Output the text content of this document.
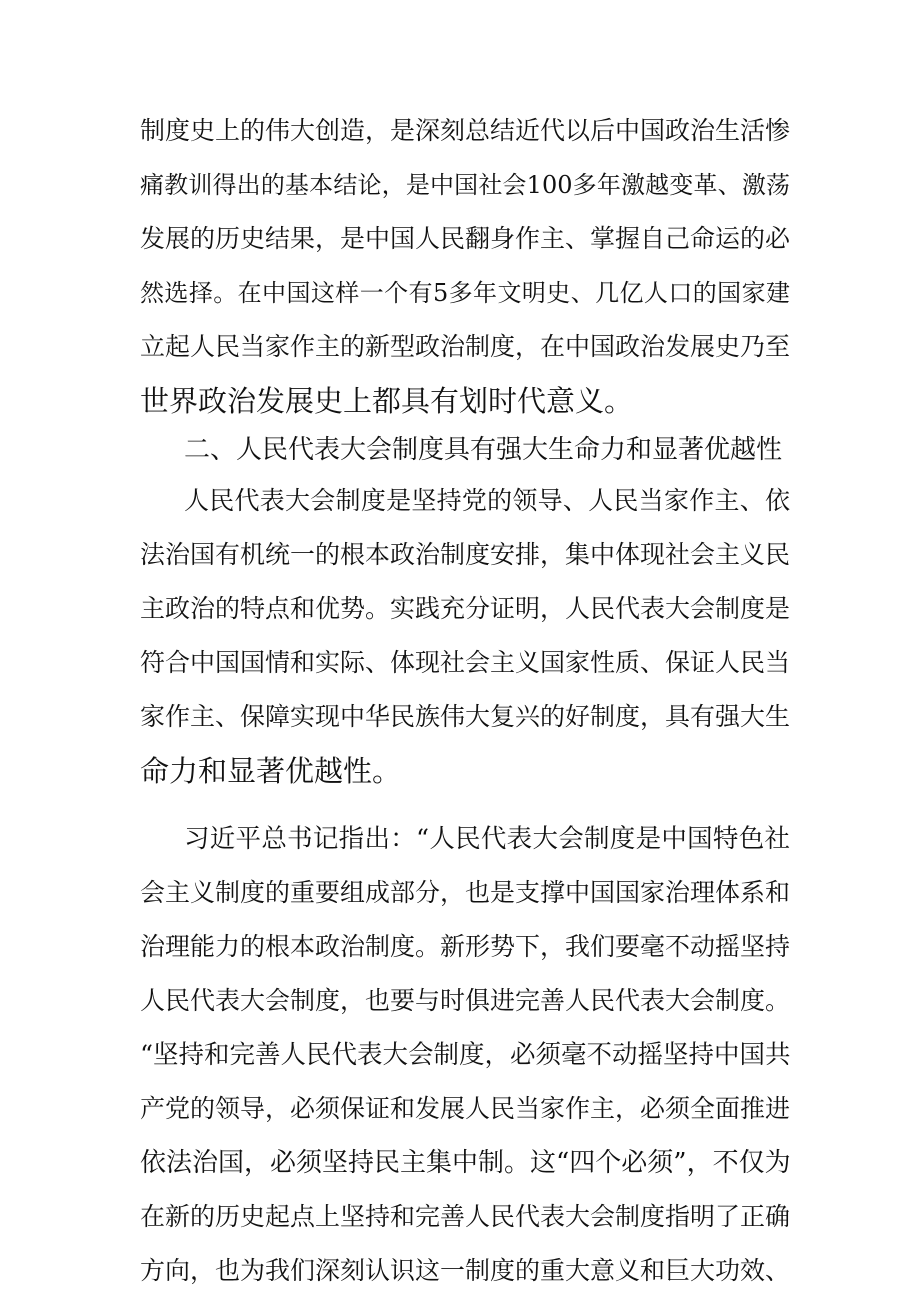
制度史上的伟大创造，是深刻总结近代以后中国政治生活惨
痛教训得出的基本结论，是中国社会100多年激越变革、激荡
发展的历史结果，是中国人民翻身作主、掌握自己命运的必
然选择。在中国这样一个有5多年文明史、几亿人口的国家建
立起人民当家作主的新型政治制度，在中国政治发展史乃至
世界政治发展史上都具有划时代意义。
二、人民代表大会制度具有强大生命力和显著优越性
人民代表大会制度是坚持党的领导、人民当家作主、依
法治国有机统一的根本政治制度安排，集中体现社会主义民
主政治的特点和优势。实践充分证明，人民代表大会制度是
符合中国国情和实际、体现社会主义国家性质、保证人民当
家作主、保障实现中华民族伟大复兴的好制度，具有强大生
命力和显著优越性。
习近平总书记指出：“人民代表大会制度是中国特色社
会主义制度的重要组成部分，也是支撑中国国家治理体系和
治理能力的根本政治制度。新形势下，我们要毫不动摇坚持
人民代表大会制度，也要与时俱进完善人民代表大会制度。
“坚持和完善人民代表大会制度，必须毫不动摇坚持中国共
产党的领导，必须保证和发展人民当家作主，必须全面推进
依法治国，必须坚持民主集中制。这“四个必须”，不仅为
在新的历史起点上坚持和完善人民代表大会制度指明了正确
方向，也为我们深刻认识这一制度的重大意义和巨大功效、
